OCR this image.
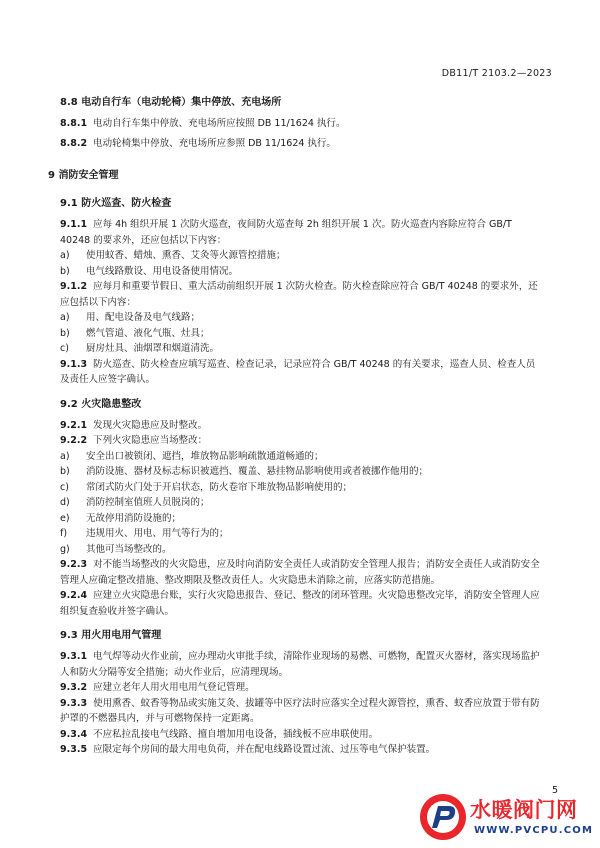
DB11/T 2103.2—2023
8.8 电动自行车（电动轮椅）集中停放、充电场所
8.8.1 电动自行车集中停放、充电场所应按照 DB 11/1624 执行。
8.8.2 电动轮椅集中停放、充电场所应参照 DB 11/1624 执行。
9 消防安全管理
9.1 防火巡查、防火检查
9.1.1 应每 4h 组织开展 1 次防火巡查，夜间防火巡查每 2h 组织开展 1 次。防火巡查内容除应符合 GB/T 40248 的要求外，还应包括以下内容：
a) 使用蚊香、蜡烛、熏香、艾灸等火源管控措施；
b) 电气线路敷设、用电设备使用情况。
9.1.2 应每月和重要节假日、重大活动前组织开展 1 次防火检查。防火检查除应符合 GB/T 40248 的要求外，还应包括以下内容：
a) 用、配电设备及电气线路；
b) 燃气管道、液化气瓶、灶具；
c) 厨房灶具、油烟罩和烟道清洗。
9.1.3 防火巡查、防火检查应填写巡查、检查记录，记录应符合 GB/T 40248 的有关要求，巡查人员、检查人员及责任人应签字确认。
9.2 火灾隐患整改
9.2.1 发现火灾隐患应及时整改。
9.2.2 下列火灾隐患应当场整改：
a) 安全出口被锁闭、遮挡，堆放物品影响疏散通道畅通的；
b) 消防设施、器材及标志标识被遮挡、覆盖、悬挂物品影响使用或者被挪作他用的；
c) 常闭式防火门处于开启状态，防火卷帘下堆放物品影响使用的；
d) 消防控制室值班人员脱岗的；
e) 无故停用消防设施的；
f) 违规用火、用电、用气等行为的；
g) 其他可当场整改的。
9.2.3 对不能当场整改的火灾隐患，应及时向消防安全责任人或消防安全管理人报告；消防安全责任人或消防安全管理人应确定整改措施、整改期限及整改责任人。火灾隐患未消除之前，应落实防范措施。
9.2.4 应建立火灾隐患台账，实行火灾隐患报告、登记、整改的闭环管理。火灾隐患整改完毕，消防安全管理人应组织复查验收并签字确认。
9.3 用火用电用气管理
9.3.1 电气焊等动火作业前，应办理动火审批手续，清除作业现场的易燃、可燃物，配置灭火器材，落实现场监护人和防火分隔等安全措施；动火作业后，应清理现场。
9.3.2 应建立老年人用火用电用气登记管理。
9.3.3 使用熏香、蚊香等物品或实施艾灸、拔罐等中医疗法时应落实全过程火源管控，熏香、蚊香应放置于带有防护罩的不燃器具内，并与可燃物保持一定距离。
9.3.4 不应私拉乱接电气线路、擅自增加用电设备，插线板不应串联使用。
9.3.5 应限定每个房间的最大用电负荷，并在配电线路设置过流、过压等电气保护装置。
5
水暖阀门网
WWW.PVCPU.COM
